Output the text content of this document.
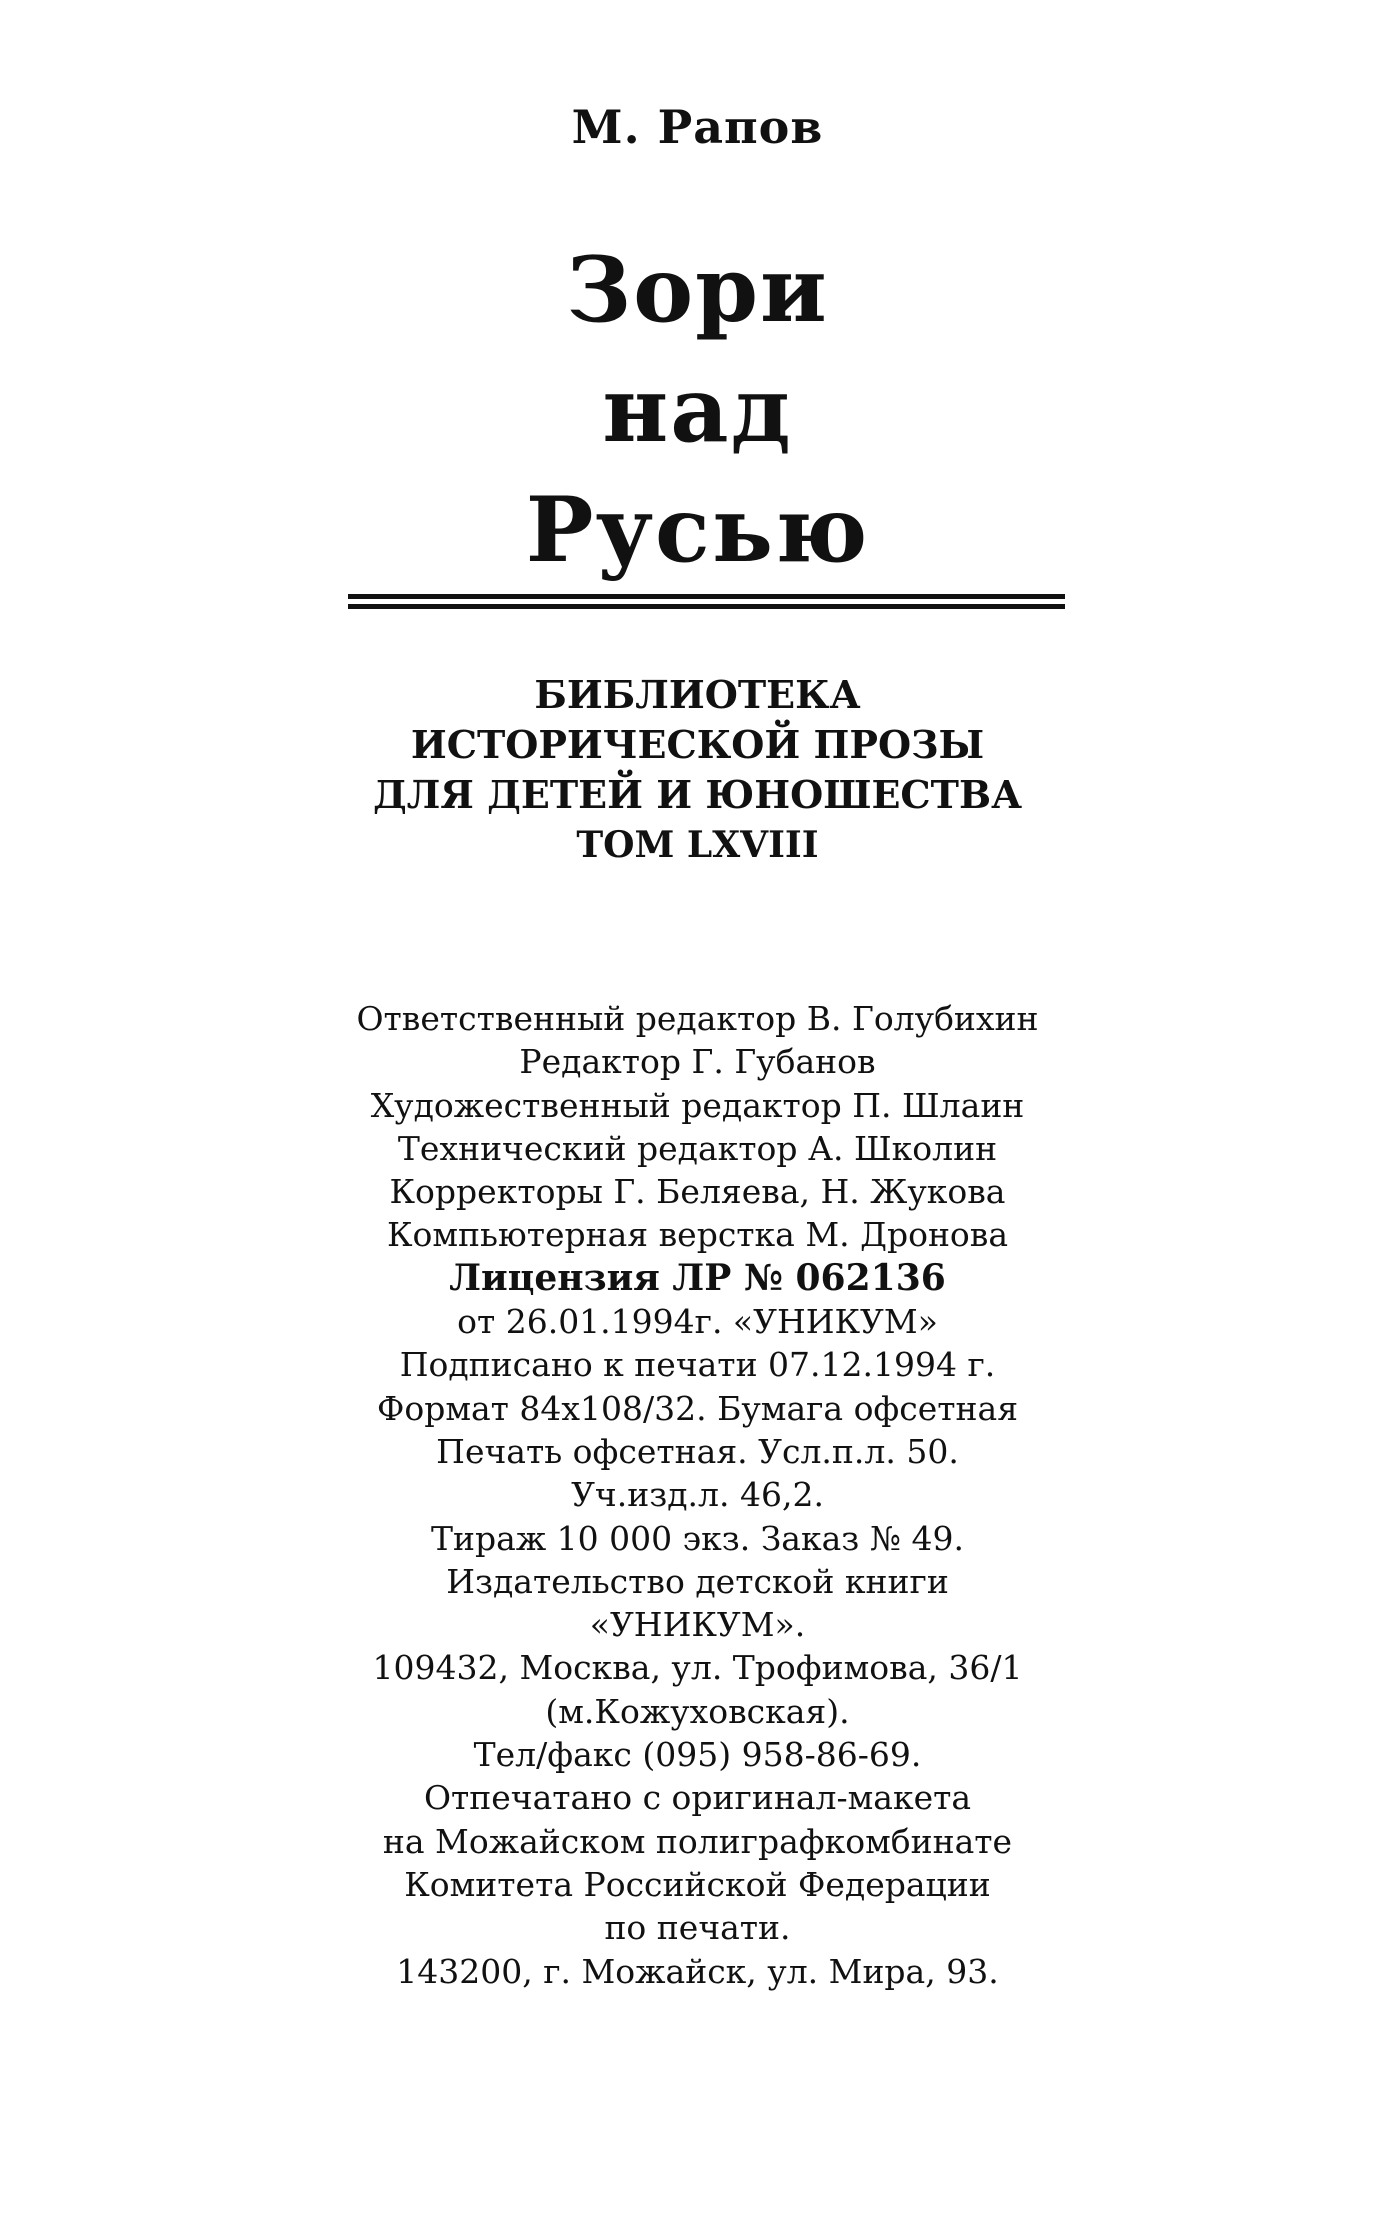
М. Рапов
Зори
над
Русью
БИБЛИОТЕКА
ИСТОРИЧЕСКОЙ ПРОЗЫ
ДЛЯ ДЕТЕЙ И ЮНОШЕСТВА
ТОМ LXVIII
Ответственный редактор В. Голубихин
Редактор Г. Губанов
Художественный редактор П. Шлаин
Технический редактор А. Школин
Корректоры Г. Беляева, Н. Жукова
Компьютерная верстка М. Дронова
Лицензия ЛР № 062136
от 26.01.1994г. «УНИКУМ»
Подписано к печати 07.12.1994 г.
Формат 84x108/32. Бумага офсетная
Печать офсетная. Усл.п.л. 50.
Уч.изд.л. 46,2.
Тираж 10 000 экз. Заказ № 49.
Издательство детской книги
«УНИКУМ».
109432, Москва, ул. Трофимова, 36/1
(м.Кожуховская).
Тел/факс (095) 958-86-69.
Отпечатано с оригинал-макета
на Можайском полиграфкомбинате
Комитета Российской Федерации
по печати.
143200, г. Можайск, ул. Мира, 93.
